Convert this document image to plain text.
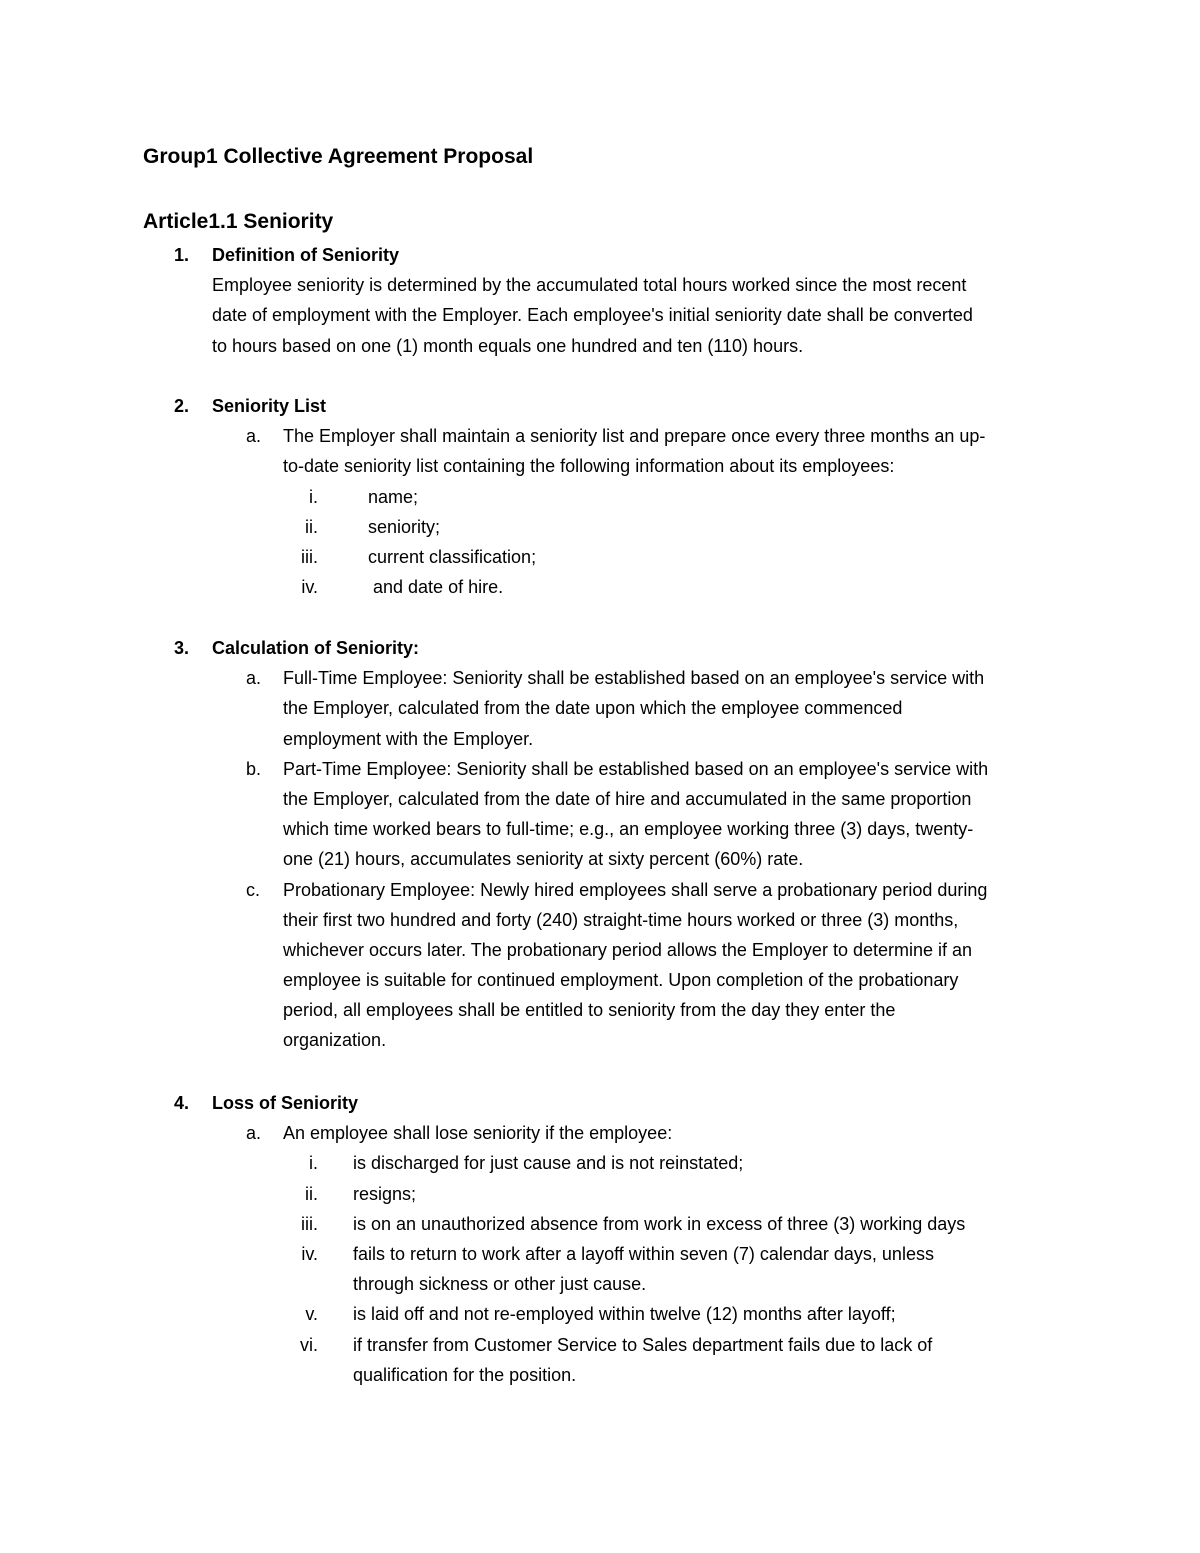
Group1 Collective Agreement Proposal
Article1.1 Seniority
1. Definition of Seniority
Employee seniority is determined by the accumulated total hours worked since the most recent
date of employment with the Employer. Each employee's initial seniority date shall be converted
to hours based on one (1) month equals one hundred and ten (110) hours.
2. Seniority List
a. The Employer shall maintain a seniority list and prepare once every three months an up-
to-date seniority list containing the following information about its employees:
i.	name;
ii.	seniority;
iii.	current classification;
iv.	and date of hire.
3. Calculation of Seniority:
a. Full-Time Employee: Seniority shall be established based on an employee's service with
the Employer, calculated from the date upon which the employee commenced
employment with the Employer.
b. Part-Time Employee: Seniority shall be established based on an employee's service with
the Employer, calculated from the date of hire and accumulated in the same proportion
which time worked bears to full-time; e.g., an employee working three (3) days, twenty-
one (21) hours, accumulates seniority at sixty percent (60%) rate.
c.	Probationary Employee: Newly hired employees shall serve a probationary period during
their first two hundred and forty (240) straight-time hours worked or three (3) months,
whichever occurs later. The probationary period allows the Employer to determine if an
employee is suitable for continued employment. Upon completion of the probationary
period, all employees shall be entitled to seniority from the day they enter the
organization.
4. Loss of Seniority
a. An employee shall lose seniority if the employee:
i. is discharged for just cause and is not reinstated;
ii. resigns;
iii. is on an unauthorized absence from work in excess of three (3) working days
iv. fails to return to work after a layoff within seven (7) calendar days, unless
through sickness or other just cause.
v. is laid off and not re-employed within twelve (12) months after layoff;
vi. if transfer from Customer Service to Sales department fails due to lack of
qualification for the position.
